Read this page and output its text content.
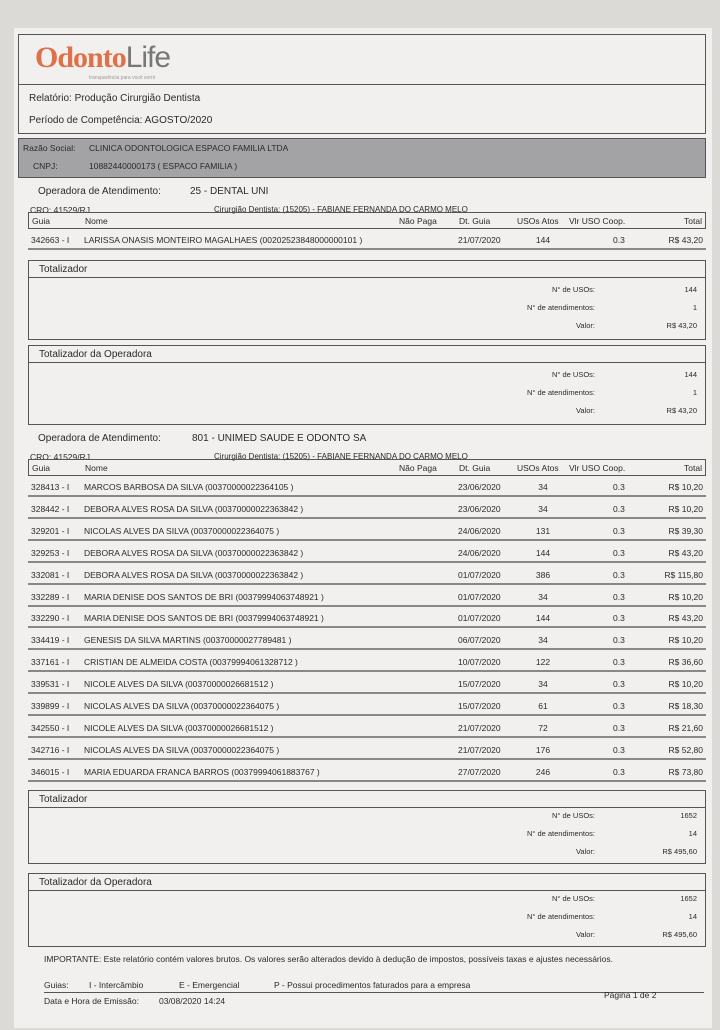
OdontoLife
transparência para você sorrir
Relatório: Produção Cirurgião Dentista
Período de Competência: AGOSTO/2020
Razão Social: CLINICA ODONTOLOGICA ESPACO FAMILIA LTDA
CNPJ:	10882440000173 ( ESPACO FAMILIA )
Operadora de Atendimento:	25 - DENTAL UNI
CRO: 41529/RJ	Cirurgião Dentista: (15205) - FABIANE FERNANDA DO CARMO MELO
Guia	Nome	Não Paga	Dt. Guia	USOs Atos Vlr USO Coop.	Total
342663 - I LARISSA ONASIS MONTEIRO MAGALHAES (00202523848000000101 )	21/07/2020	144	0.3	R$ 43,20
Totalizador
N° de USOs:	144
N° de atendimentos:	1
Valor:	R$ 43,20
Totalizador da Operadora
N° de USOs:	144
N° de atendimentos:	1
Valor:	R$ 43,20
Operadora de Atendimento:	801 - UNIMED SAUDE E ODONTO SA
CRO: 41529/RJ	Cirurgião Dentista: (15205) - FABIANE FERNANDA DO CARMO MELO
Guia	Nome	Não Paga	Dt. Guia	USOs Atos Vlr USO Coop.	Total
328413 - I MARCOS BARBOSA DA SILVA (00370000022364105 )	23/06/2020	34	0.3	R$ 10,20
328442 - I DEBORA ALVES ROSA DA SILVA (00370000022363842 )	23/06/2020	34	0.3	R$ 10,20
329201 - I NICOLAS ALVES DA SILVA (00370000022364075 )	24/06/2020	131	0.3	R$ 39,30
329253 - I DEBORA ALVES ROSA DA SILVA (00370000022363842 )	24/06/2020	144	0.3	R$ 43,20
332081 - I DEBORA ALVES ROSA DA SILVA (00370000022363842 )	01/07/2020	386	0.3	R$ 115,80
332289 - I MARIA DENISE DOS SANTOS DE BRI (00379994063748921 )	01/07/2020	34	0.3	R$ 10,20
332290 - I MARIA DENISE DOS SANTOS DE BRI (00379994063748921 )	01/07/2020	144	0.3	R$ 43,20
334419 - I GENESIS DA SILVA MARTINS (00370000027789481 )	06/07/2020	34	0.3	R$ 10,20
337161 - I CRISTIAN DE ALMEIDA COSTA (00379994061328712 )	10/07/2020	122	0.3	R$ 36,60
339531 - I NICOLE ALVES DA SILVA (00370000026681512 )	15/07/2020	34	0.3	R$ 10,20
339899 - I NICOLAS ALVES DA SILVA (00370000022364075 )	15/07/2020	61	0.3	R$ 18,30
342550 - I NICOLE ALVES DA SILVA (00370000026681512 )	21/07/2020	72	0.3	R$ 21,60
342716 - I NICOLAS ALVES DA SILVA (00370000022364075 )	21/07/2020	176	0.3	R$ 52,80
346015 - I MARIA EDUARDA FRANCA BARROS (00379994061883767 )	27/07/2020	246	0.3	R$ 73,80
Totalizador
N° de USOs:	1652
N° de atendimentos:	14
Valor:	R$ 495,60
Totalizador da Operadora
N° de USOs:	1652
N° de atendimentos:	14
Valor:	R$ 495,60
IMPORTANTE: Este relatório contém valores brutos. Os valores serão alterados devido à dedução de impostos, possíveis taxas e ajustes necessários.
Guias: I - Intercâmbio	E - Emergencial	P - Possui procedimentos faturados para a empresa
Data e Hora de Emissão: 03/08/2020 14:24
Página 1 de 2
